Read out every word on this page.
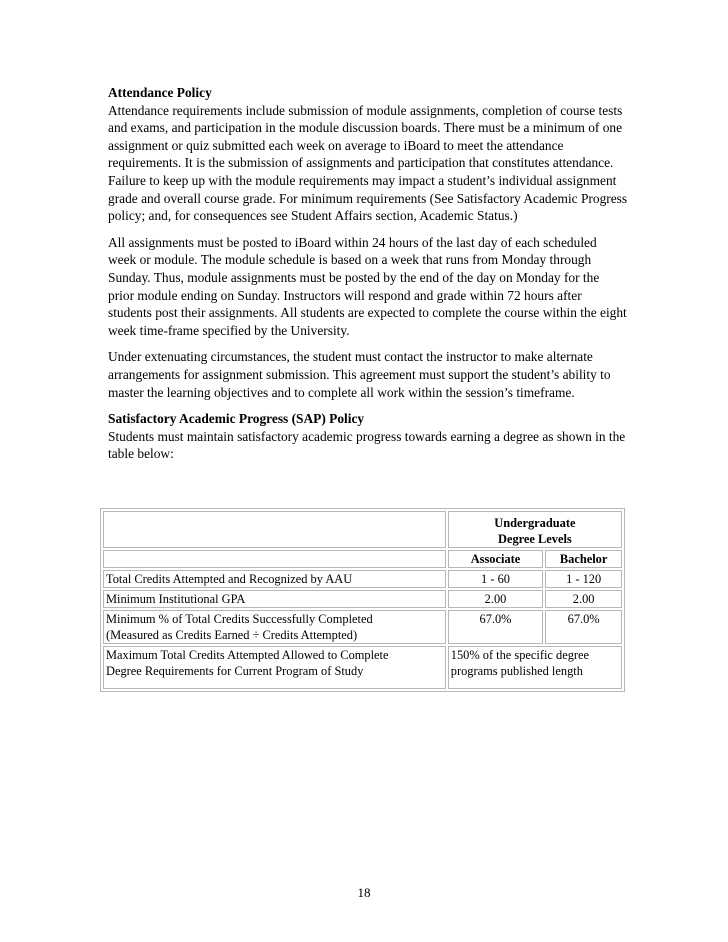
Attendance Policy

Attendance requirements include submission of module assignments, completion of course tests and exams, and participation in the module discussion boards. There must be a minimum of one assignment or quiz submitted each week on average to iBoard to meet the attendance requirements. It is the submission of assignments and participation that constitutes attendance. Failure to keep up with the module requirements may impact a student’s individual assignment grade and overall course grade. For minimum requirements (See Satisfactory Academic Progress policy; and, for consequences see Student Affairs section, Academic Status.)

All assignments must be posted to iBoard within 24 hours of the last day of each scheduled week or module. The module schedule is based on a week that runs from Monday through Sunday. Thus, module assignments must be posted by the end of the day on Monday for the prior module ending on Sunday. Instructors will respond and grade within 72 hours after students post their assignments. All students are expected to complete the course within the eight week time-frame specified by the University.

Under extenuating circumstances, the student must contact the instructor to make alternate arrangements for assignment submission. This agreement must support the student’s ability to master the learning objectives and to complete all work within the session’s timeframe.

Satisfactory Academic Progress (SAP) Policy

Students must maintain satisfactory academic progress towards earning a degree as shown in the table below:

	Undergraduate
Degree Levels	
	Associate	Bachelor
Total Credits Attempted and Recognized by AAU	1 - 60	1 - 120
Minimum Institutional GPA	2.00	2.00
Minimum % of Total Credits Successfully Completed
(Measured as Credits Earned ÷ Credits Attempted)	67.0%	67.0%
Maximum Total Credits Attempted Allowed to Complete
Degree Requirements for Current Program of Study	150% of the specific degree
programs published length	
18
